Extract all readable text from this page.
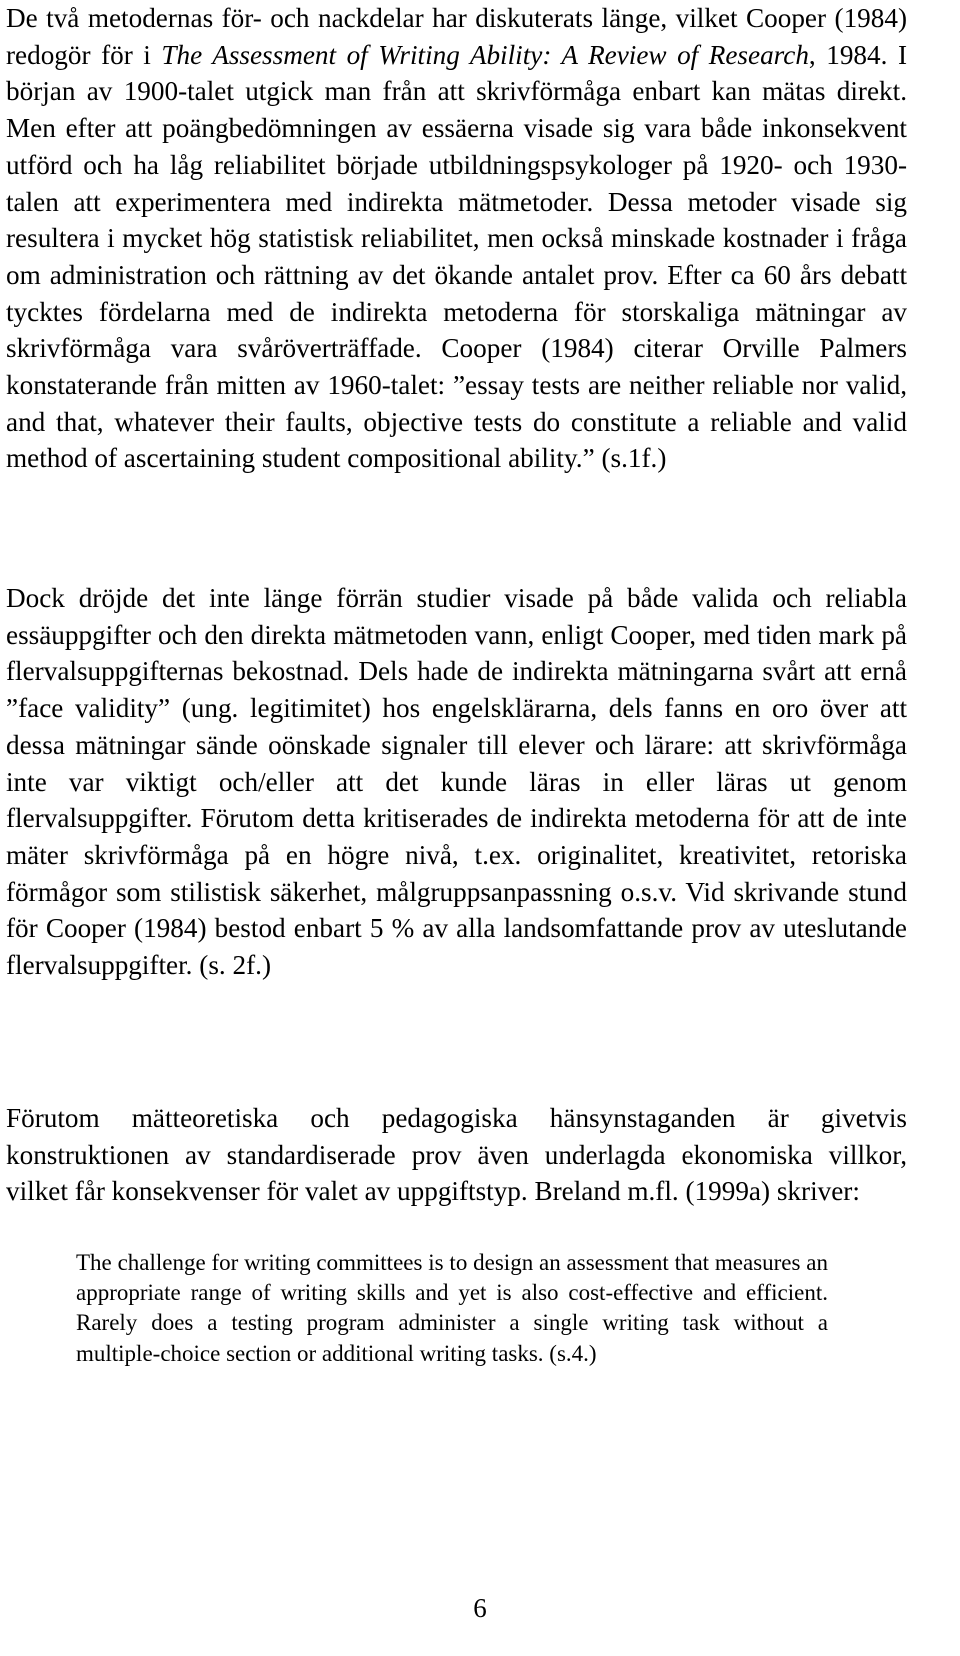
De två metodernas för- och nackdelar har diskuterats länge, vilket Cooper (1984) redogör för i The Assessment of Writing Ability: A Review of Research, 1984. I början av 1900-talet utgick man från att skrivförmåga enbart kan mätas direkt. Men efter att poängbedömningen av essäerna visade sig vara både inkonsekvent utförd och ha låg reliabilitet började utbildningspsykologer på 1920- och 1930-talen att experimentera med indirekta mätmetoder. Dessa metoder visade sig resultera i mycket hög statistisk reliabilitet, men också minskade kostnader i fråga om administration och rättning av det ökande antalet prov. Efter ca 60 års debatt tycktes fördelarna med de indirekta metoderna för storskaliga mätningar av skrivförmåga vara svåröverträffade. Cooper (1984) citerar Orville Palmers konstaterande från mitten av 1960-talet: ”essay tests are neither reliable nor valid, and that, whatever their faults, objective tests do constitute a reliable and valid method of ascertaining student compositional ability.” (s.1f.)

Dock dröjde det inte länge förrän studier visade på både valida och reliabla essäuppgifter och den direkta mätmetoden vann, enligt Cooper, med tiden mark på flervalsuppgifternas bekostnad. Dels hade de indirekta mätningarna svårt att ernå ”face validity” (ung. legitimitet) hos engelsklärarna, dels fanns en oro över att dessa mätningar sände oönskade signaler till elever och lärare: att skrivförmåga inte var viktigt och/eller att det kunde läras in eller läras ut genom flervalsuppgifter. Förutom detta kritiserades de indirekta metoderna för att de inte mäter skrivförmåga på en högre nivå, t.ex. originalitet, kreativitet, retoriska förmågor som stilistisk säkerhet, målgruppsanpassning o.s.v. Vid skrivande stund för Cooper (1984) bestod enbart 5 % av alla landsomfattande prov av uteslutande flervalsuppgifter. (s. 2f.)

Förutom mätteoretiska och pedagogiska hänsynstaganden är givetvis konstruktionen av standardiserade prov även underlagda ekonomiska villkor, vilket får konsekvenser för valet av uppgiftstyp. Breland m.fl. (1999a) skriver:

The challenge for writing committees is to design an assessment that measures an appropriate range of writing skills and yet is also cost-effective and efficient. Rarely does a testing program administer a single writing task without a multiple-choice section or additional writing tasks. (s.4.)

6
